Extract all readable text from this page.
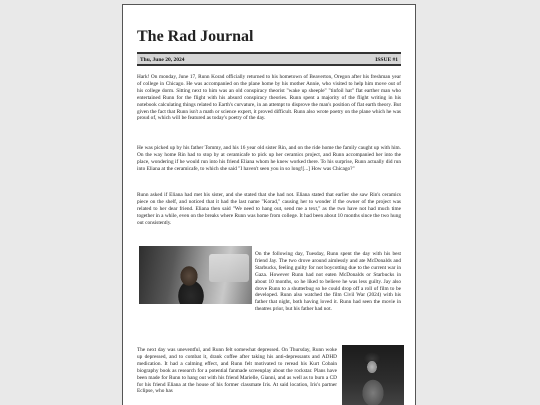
The Rad Journal
Thu, June 20, 2024	ISSUE #1

Hark! On monday, June 17, Runn Korad officially returned to his hometown of Beaverton, Oregon after his freshman year of college in Chicago. He was accompanied on the plane home by his mother Annie, who visited to help him move out of his college dorm. Sitting next to him was an old conspiracy theorist "wake up sheeple" "tinfoil hat" flat earther man who entertained Runn for the flight with his absurd conspiracy theories. Runn spent a majority of the flight writing in his notebook calculating things related to Earth's curvature, in an attempt to disprove the man's position of flat earth theory. But given the fact that Runn isn't a math or science expert, it proved difficult. Runn also wrote poetry on the plane which he was proud of, which will be featured as today's poetry of the day.

He was picked up by his father Tommy, and his 16 year old sister Rin, and on the ride home the family caught up with him. On the way home Rin had to stop by at ceramicafe to pick up her ceramics project, and Runn accompanied her into the place, wondering if he would run into his friend Eliana whom he knew worked there. To his surprise, Runn actually did run into Eliana at the ceramicafe, to which she said "I haven't seen you in so long![...] How was Chicago?"

Runn asked if Eliana had met his sister, and she stated that she had not. Eliana stated that earlier she saw Rin's ceramics piece on the shelf, and noticed that it had the last name "Korad," causing her to wonder if the owner of the project was related to her dear friend. Eliana then said "We need to hang out, send me a text," as the two have not had much time together in a while, even on the breaks where Runn was home from college. It had been about 10 months since the two hung out consistently.

On the following day, Tuesday, Runn spent the day with his best friend Jay. The two drove around aimlessly and ate McDonalds and Starbucks, feeling guilty for not boycotting due to the current war in Gaza. However Runn had not eaten McDonalds or Starbucks in about 10 months, so he liked to believe he was less guilty. Jay also drove Runn to a shutterbug so he could drop off a roll of film to be developed. Runn also watched the film Civil War (2024) with his father that night, both having loved it. Runn had seen the movie in theatres prior, but his father had not.

The next day was uneventful, and Runn felt somewhat depressed. On Thursday, Runn woke up depressed, and to combat it, drank coffee after taking his anti-depressants and ADHD medication. It had a calming effect, and Runn felt motivated to reread his Kurt Cobain biography book as research for a potential fanmade screenplay about the rockstar. Plans have been made for Runn to hang out with his friend Marielle, Gianni, and as well as to burn a CD for his friend Eliana at the house of his former classmate Iris. At said location, Iris's partner Eclipse, who has
